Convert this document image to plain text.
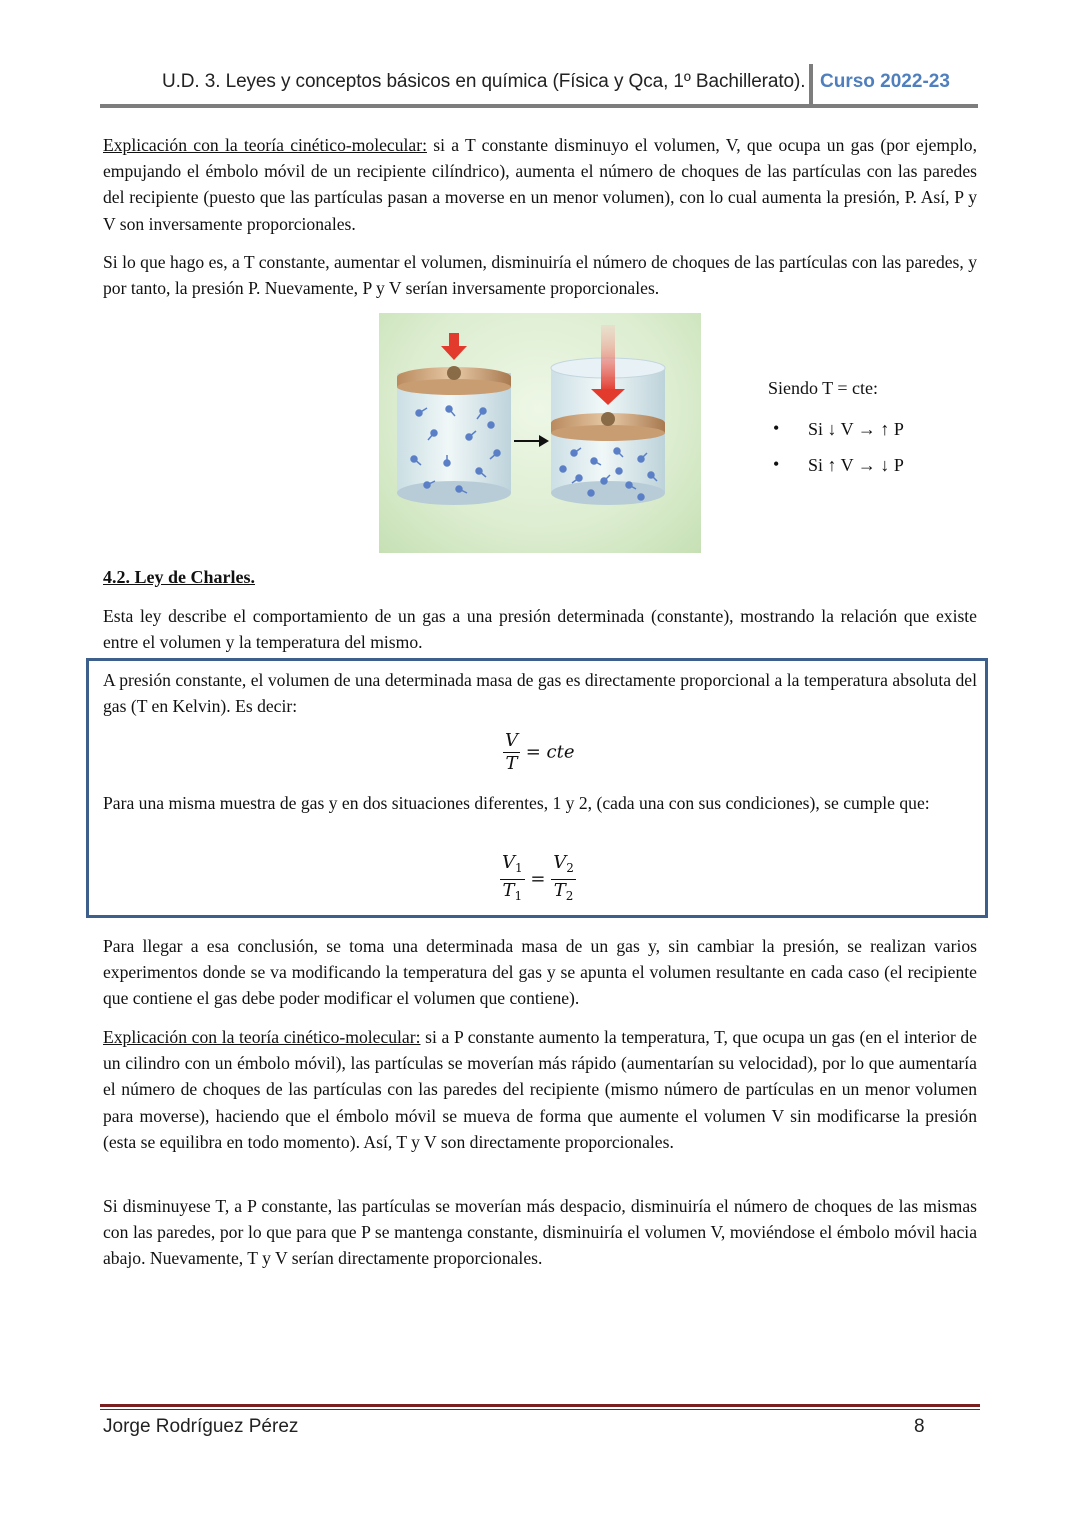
U.D. 3. Leyes y conceptos básicos en química (Física y Qca, 1º Bachillerato). Curso 2022-23

Explicación con la teoría cinético-molecular: si a T constante disminuyo el volumen, V, que ocupa un gas (por ejemplo, empujando el émbolo móvil de un recipiente cilíndrico), aumenta el número de choques de las partículas con las paredes del recipiente (puesto que las partículas pasan a moverse en un menor volumen), con lo cual aumenta la presión, P. Así, P y V son inversamente proporcionales.

Si lo que hago es, a T constante, aumentar el volumen, disminuiría el número de choques de las partículas con las paredes, y por tanto, la presión P. Nuevamente, P y V serían inversamente proporcionales.

Siendo T = cte:

• Si ↓ V → ↑ P
• Si ↑ V → ↓ P
4.2. Ley de Charles.

Esta ley describe el comportamiento de un gas a una presión determinada (constante), mostrando la relación que existe entre el volumen y la temperatura del mismo.

A presión constante, el volumen de una determinada masa de gas es directamente proporcional a la temperatura absoluta del gas (T en Kelvin). Es decir:

$\frac{V}{T}$ = cte

Para una misma muestra de gas y en dos situaciones diferentes, 1 y 2, (cada una con sus condiciones), se cumple que:

$\frac{V_1}{T_1} = \frac{V_2}{T_2}$

Para llegar a esa conclusión, se toma una determinada masa de un gas y, sin cambiar la presión, se realizan varios experimentos donde se va modificando la temperatura del gas y se apunta el volumen resultante en cada caso (el recipiente que contiene el gas debe poder modificar el volumen que contiene).

Explicación con la teoría cinético-molecular: si a P constante aumento la temperatura, T, que ocupa un gas (en el interior de un cilindro con un émbolo móvil), las partículas se moverían más rápido (aumentarían su velocidad), por lo que aumentaría el número de choques de las partículas con las paredes del recipiente (mismo número de partículas en un menor volumen para moverse), haciendo que el émbolo móvil se mueva de forma que aumente el volumen V sin modificarse la presión (esta se equilibra en todo momento). Así, T y V son directamente proporcionales.

Si disminuyese T, a P constante, las partículas se moverían más despacio, disminuiría el número de choques de las mismas con las paredes, por lo que para que P se mantenga constante, disminuiría el volumen V, moviéndose el émbolo móvil hacia abajo. Nuevamente, T y V serían directamente proporcionales.

Jorge Rodríguez Pérez	8
